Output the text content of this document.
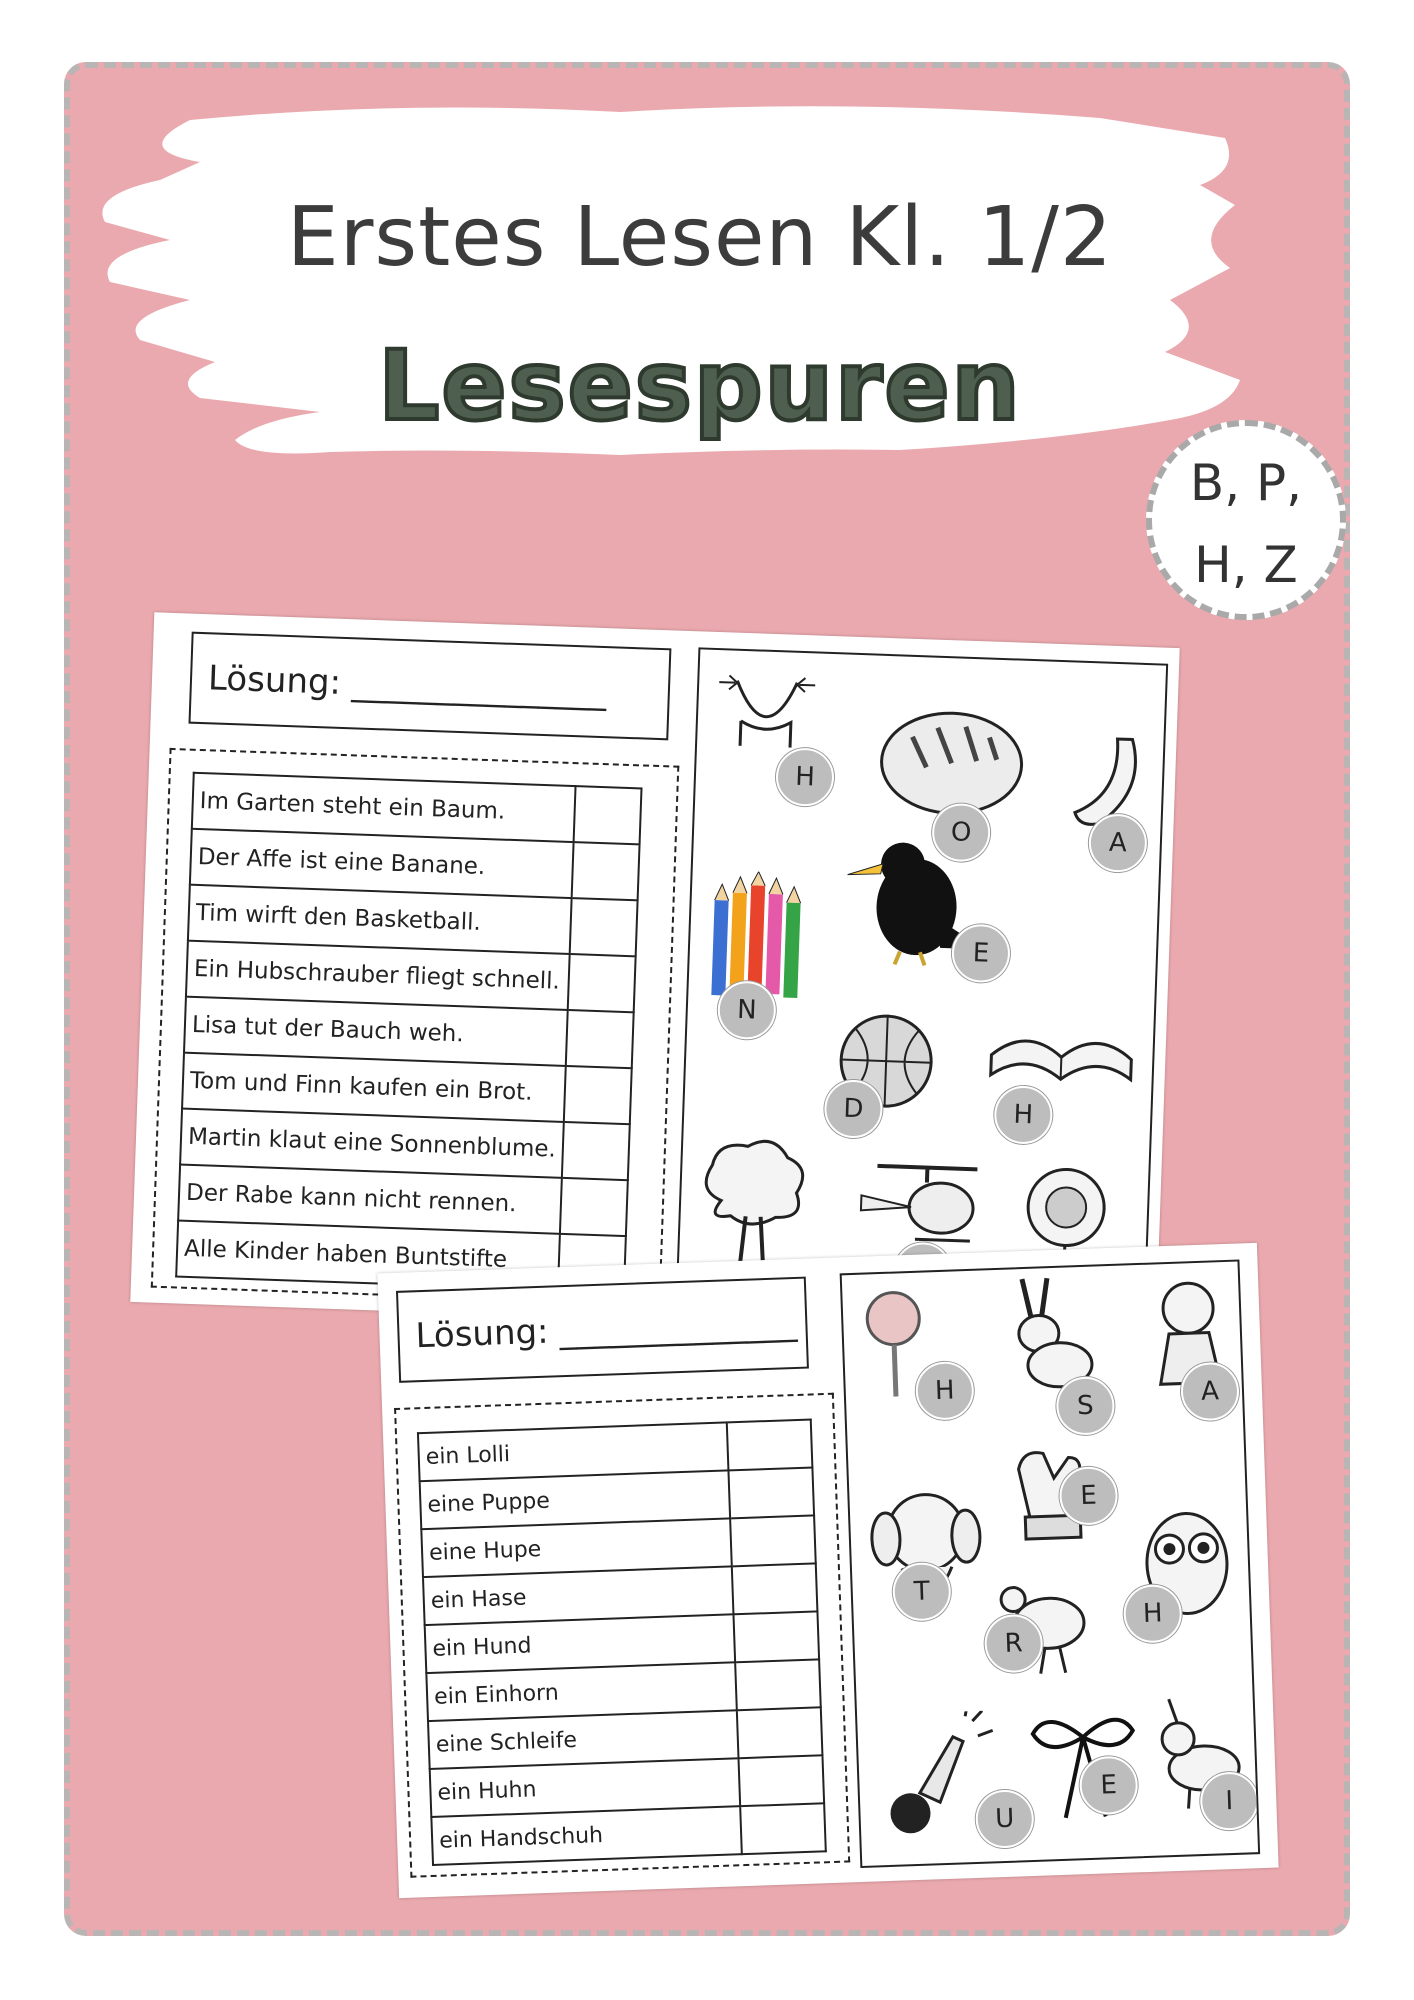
Erstes Lesen Kl. 1/2
Lesespuren
B, P,
H, Z
Lösung: _______________
Im Garten steht ein Baum.	
Der Affe ist eine Banane.	
Tim wirft den Basketball.	
Ein Hubschrauber fliegt schnell.	
Lisa tut der Bauch weh.	
Tom und Finn kaufen ein Brot.	
Martin klaut eine Sonnenblume.	
Der Rabe kann nicht rennen.	
Alle Kinder haben Buntstifte	
H
O	A
E
N
D	H
Lösung: ______________
ein Lolli	
eine Puppe	
eine Hupe	
ein Hase	
ein Hund	
ein Einhorn	
eine Schleife	
ein Huhn	
ein Handschuh	
H	S	A
E
T
R
H
U
E
I
